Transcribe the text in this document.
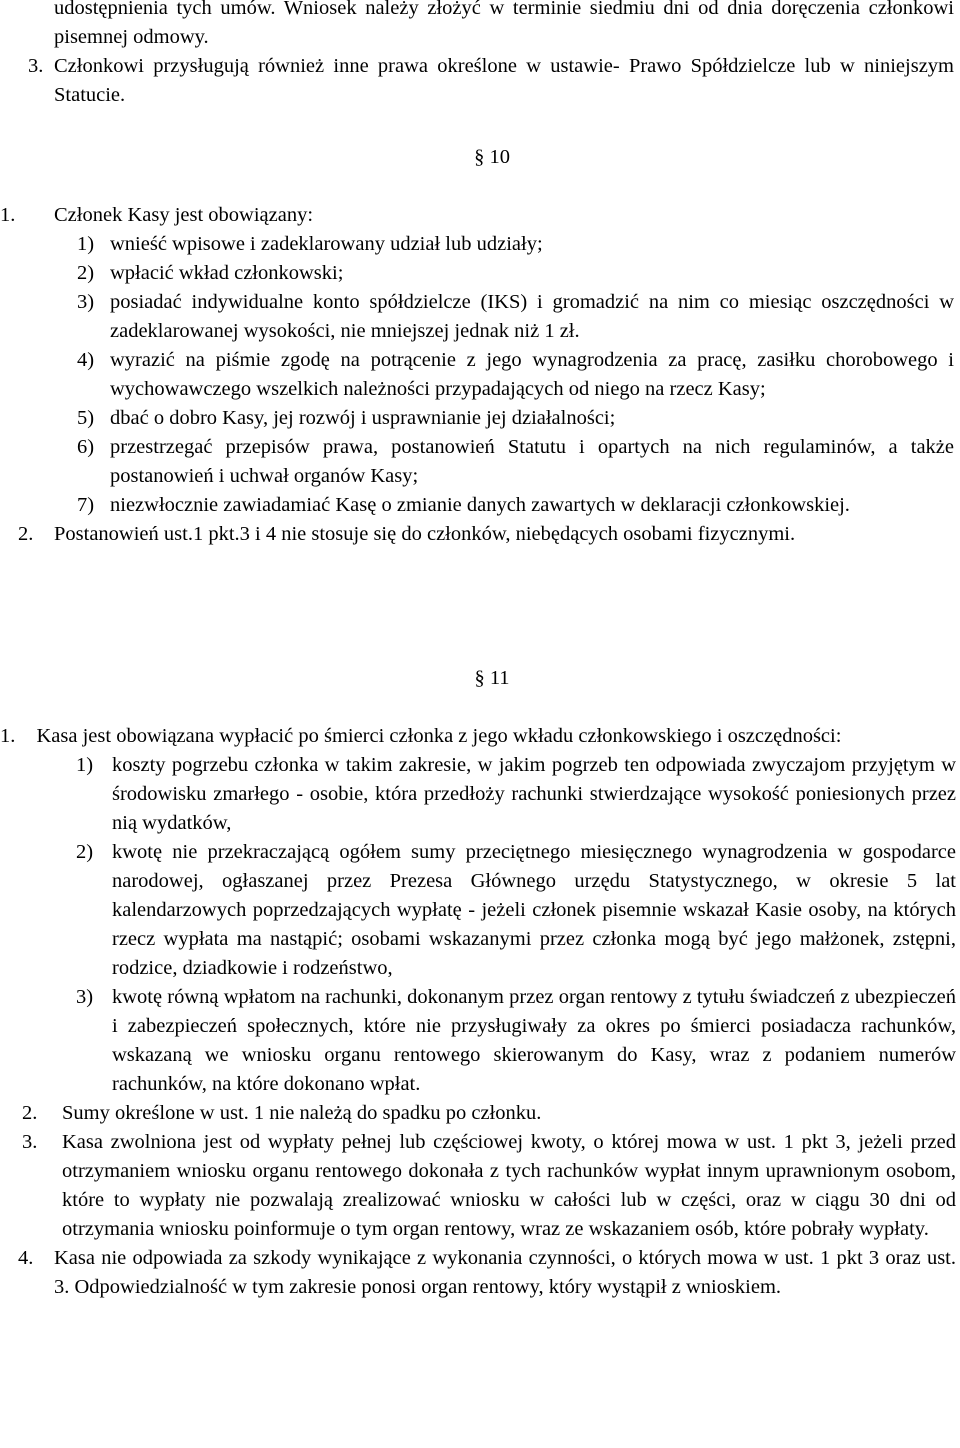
udostępnienia tych umów. Wniosek należy złożyć w terminie siedmiu dni od dnia doręczenia członkowi pisemnej odmowy.

3. Członkowi przysługują również inne prawa określone w ustawie- Prawo Spółdzielcze lub w niniejszym Statucie.

§ 10

1. Członek Kasy jest obowiązany:

1) wnieść wpisowe i zadeklarowany udział lub udziały;

2) wpłacić wkład członkowski;

3) posiadać indywidualne konto spółdzielcze (IKS) i gromadzić na nim co miesiąc oszczędności w zadeklarowanej wysokości, nie mniejszej jednak niż 1 zł.

4) wyrazić na piśmie zgodę na potrącenie z jego wynagrodzenia za pracę, zasiłku chorobowego i wychowawczego wszelkich należności przypadających od niego na rzecz Kasy;

5) dbać o dobro Kasy, jej rozwój i usprawnianie jej działalności;

6) przestrzegać przepisów prawa, postanowień Statutu i opartych na nich regulaminów, a także postanowień i uchwał organów Kasy;

7) niezwłocznie zawiadamiać Kasę o zmianie danych zawartych w deklaracji członkowskiej.

2. Postanowień ust.1 pkt.3 i 4 nie stosuje się do członków, niebędących osobami fizycznymi.

§ 11

1. Kasa jest obowiązana wypłacić po śmierci członka z jego wkładu członkowskiego i oszczędności:

1) koszty pogrzebu członka w takim zakresie, w jakim pogrzeb ten odpowiada zwyczajom przyjętym w środowisku zmarłego - osobie, która przedłoży rachunki stwierdzające wysokość poniesionych przez nią wydatków,

2) kwotę nie przekraczającą ogółem sumy przeciętnego miesięcznego wynagrodzenia w gospodarce narodowej, ogłaszanej przez Prezesa Głównego urzędu Statystycznego, w okresie 5 lat kalendarzowych poprzedzających wypłatę - jeżeli członek pisemnie wskazał Kasie osoby, na których rzecz wypłata ma nastąpić; osobami wskazanymi przez członka mogą być jego małżonek, zstępni, rodzice, dziadkowie i rodzeństwo,

3) kwotę równą wpłatom na rachunki, dokonanym przez organ rentowy z tytułu świadczeń z ubezpieczeń i zabezpieczeń społecznych, które nie przysługiwały za okres po śmierci posiadacza rachunków, wskazaną we wniosku organu rentowego skierowanym do Kasy, wraz z podaniem numerów rachunków, na które dokonano wpłat.

2. Sumy określone w ust. 1 nie należą do spadku po członku.

3. Kasa zwolniona jest od wypłaty pełnej lub częściowej kwoty, o której mowa w ust. 1 pkt 3, jeżeli przed otrzymaniem wniosku organu rentowego dokonała z tych rachunków wypłat innym uprawnionym osobom, które to wypłaty nie pozwalają zrealizować wniosku w całości lub w części, oraz w ciągu 30 dni od otrzymania wniosku poinformuje o tym organ rentowy, wraz ze wskazaniem osób, które pobrały wypłaty.

4. Kasa nie odpowiada za szkody wynikające z wykonania czynności, o których mowa w ust. 1 pkt 3 oraz ust. 3. Odpowiedzialność w tym zakresie ponosi organ rentowy, który wystąpił z wnioskiem.
